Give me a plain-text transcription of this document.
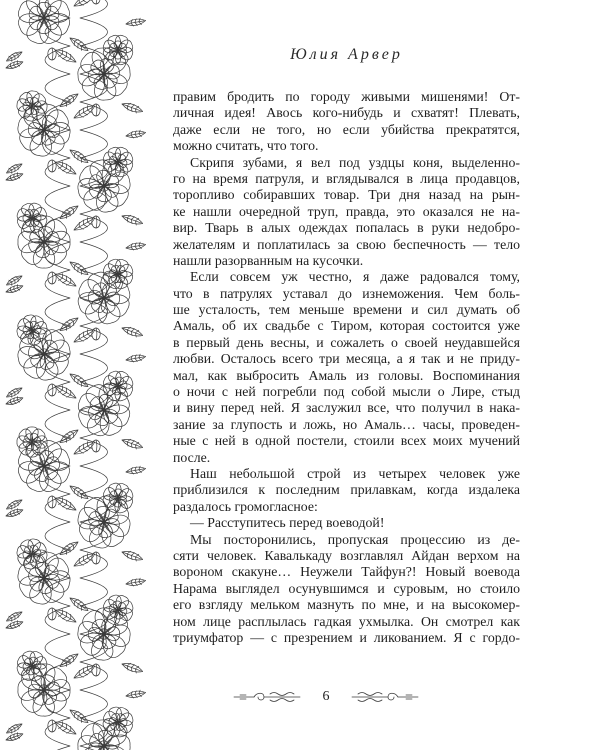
Юлия Арвер
правим бродить по городу живыми мишенями! От-
личная идея! Авось кого-нибудь и схватят! Плевать,
даже если не того, но если убийства прекратятся,
можно считать, что того.
Скрипя зубами, я вел под уздцы коня, выделенно-
го на время патруля, и вглядывался в лица продавцов,
торопливо собиравших товар. Три дня назад на рын-
ке нашли очередной труп, правда, это оказался не на-
вир. Тварь в алых одеждах попалась в руки недобро-
желателям и поплатилась за свою беспечность — тело
нашли разорванным на кусочки.
Если совсем уж честно, я даже радовался тому,
что в патрулях уставал до изнеможения. Чем боль-
ше усталость, тем меньше времени и сил думать об
Амаль, об их свадьбе с Тиром, которая состоится уже
в первый день весны, и сожалеть о своей неудавшейся
любви. Осталось всего три месяца, а я так и не приду-
мал, как выбросить Амаль из головы. Воспоминания
о ночи с ней погребли под собой мысли о Лире, стыд
и вину перед ней. Я заслужил все, что получил в нака-
зание за глупость и ложь, но Амаль… часы, проведен-
ные с ней в одной постели, стоили всех моих мучений
после.
Наш небольшой строй из четырех человек уже
приблизился к последним прилавкам, когда издалека
раздалось громогласное:
— Расступитесь перед воеводой!
Мы посторонились, пропуская процессию из де-
сяти человек. Кавалькаду возглавлял Айдан верхом на
вороном скакуне… Неужели Тайфун?! Новый воевода
Нарама выглядел осунувшимся и суровым, но стоило
его взгляду мельком мазнуть по мне, и на высокомер-
ном лице расплылась гадкая ухмылка. Он смотрел как
триумфатор — с презрением и ликованием. Я с гордо-
6
